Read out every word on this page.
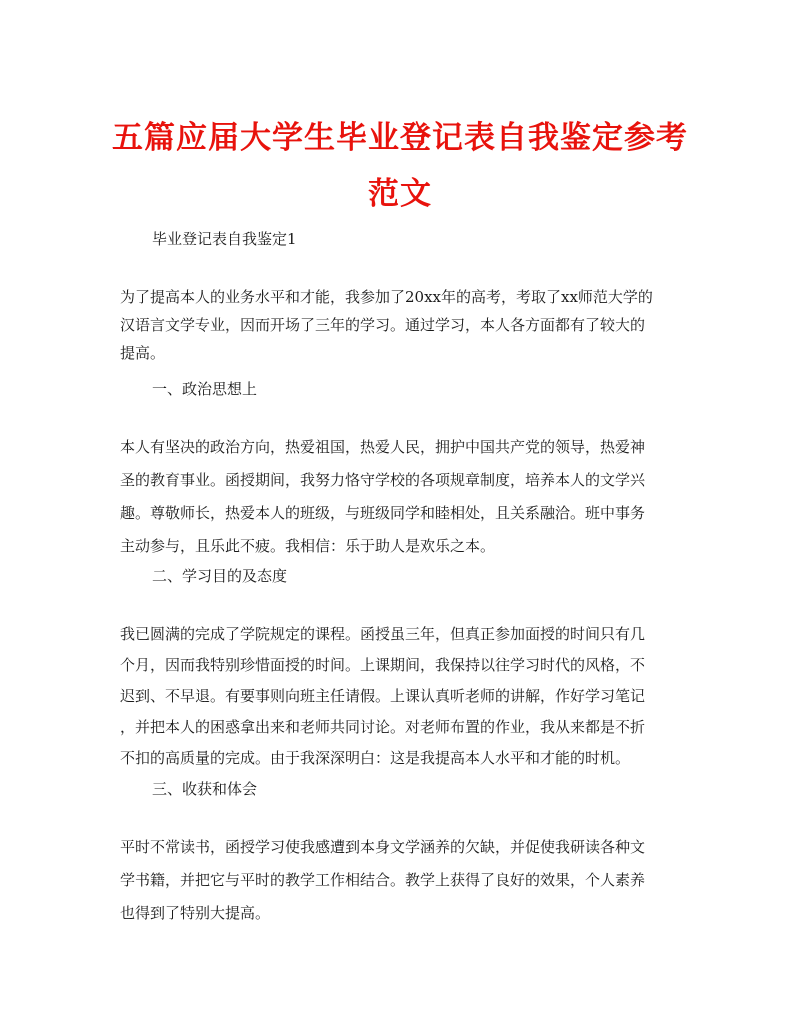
五篇应届大学生毕业登记表自我鉴定参考
范文
毕业登记表自我鉴定1
为了提高本人的业务水平和才能，我参加了20xx年的高考，考取了xx师范大学的
汉语言文学专业，因而开场了三年的学习。通过学习，本人各方面都有了较大的
提高。
一、政治思想上
本人有坚决的政治方向，热爱祖国，热爱人民，拥护中国共产党的领导，热爱神
圣的教育事业。函授期间，我努力恪守学校的各项规章制度，培养本人的文学兴
趣。尊敬师长，热爱本人的班级，与班级同学和睦相处，且关系融洽。班中事务
主动参与，且乐此不疲。我相信：乐于助人是欢乐之本。
二、学习目的及态度
我已圆满的完成了学院规定的课程。函授虽三年，但真正参加面授的时间只有几
个月，因而我特别珍惜面授的时间。上课期间，我保持以往学习时代的风格，不
迟到、不早退。有要事则向班主任请假。上课认真听老师的讲解，作好学习笔记
，并把本人的困惑拿出来和老师共同讨论。对老师布置的作业，我从来都是不折
不扣的高质量的完成。由于我深深明白：这是我提高本人水平和才能的时机。
三、收获和体会
平时不常读书，函授学习使我感遭到本身文学涵养的欠缺，并促使我研读各种文
学书籍，并把它与平时的教学工作相结合。教学上获得了良好的效果，个人素养
也得到了特别大提高。
